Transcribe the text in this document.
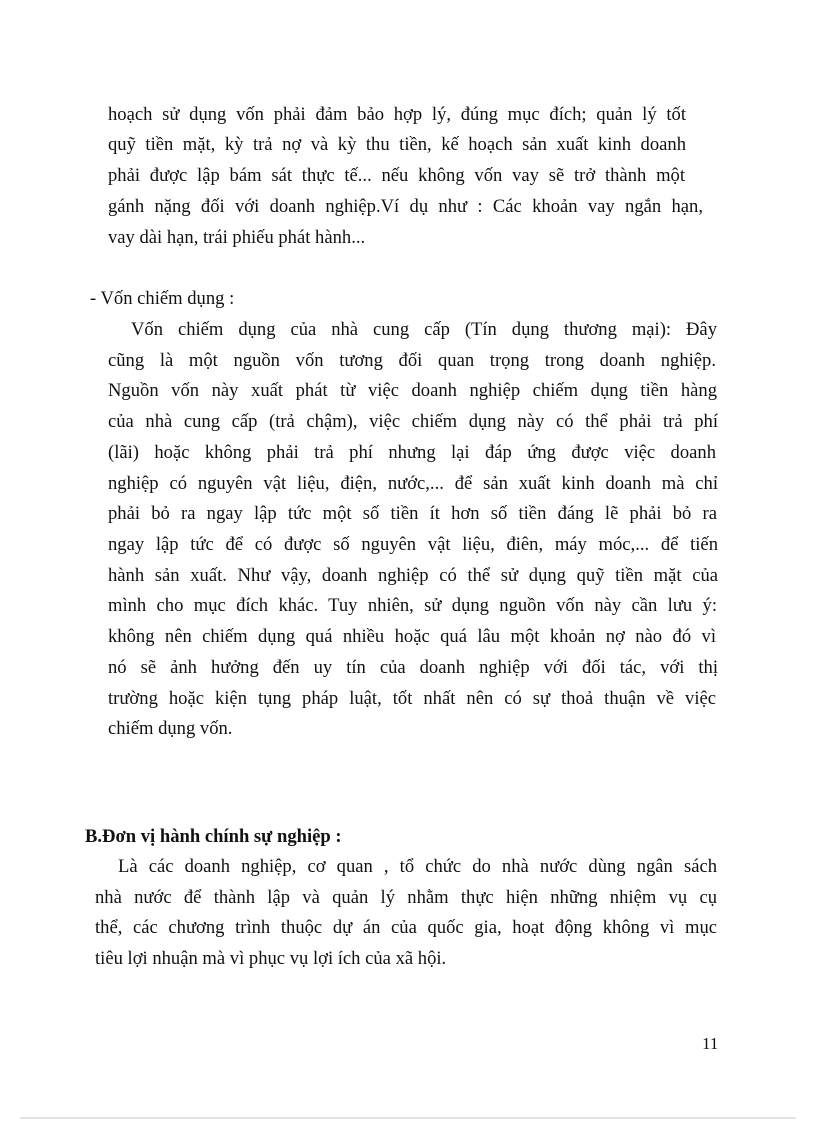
hoạch sử dụng vốn phải đảm bảo hợp lý, đúng mục đích; quản lý tốt
quỹ tiền mặt, kỳ trả nợ và kỳ thu tiền, kế hoạch sản xuất kinh doanh
phải được lập bám sát thực tế... nếu không vốn vay sẽ trở thành một
gánh nặng đối với doanh nghiệp.Ví dụ như : Các khoản vay ngắn hạn,
vay dài hạn, trái phiếu phát hành...
- Vốn chiếm dụng :
Vốn chiếm dụng của nhà cung cấp (Tín dụng thương mại): Đây
cũng là một nguồn vốn tương đối quan trọng trong doanh nghiệp.
Nguồn vốn này xuất phát từ việc doanh nghiệp chiếm dụng tiền hàng
của nhà cung cấp (trả chậm), việc chiếm dụng này có thể phải trả phí
(lãi) hoặc không phải trả phí nhưng lại đáp ứng được việc doanh
nghiệp có nguyên vật liệu, điện, nước,... để sản xuất kinh doanh mà chỉ
phải bỏ ra ngay lập tức một số tiền ít hơn số tiền đáng lẽ phải bỏ ra
ngay lập tức để có được số nguyên vật liệu, điên, máy móc,... để tiến
hành sản xuất. Như vậy, doanh nghiệp có thể sử dụng quỹ tiền mặt của
mình cho mục đích khác. Tuy nhiên, sử dụng nguồn vốn này cần lưu ý:
không nên chiếm dụng quá nhiều hoặc quá lâu một khoản nợ nào đó vì
nó sẽ ảnh hưởng đến uy tín của doanh nghiệp với đối tác, với thị
trường hoặc kiện tụng pháp luật, tốt nhất nên có sự thoả thuận về việc
chiếm dụng vốn.
B.Đơn vị hành chính sự nghiệp :
Là các doanh nghiệp, cơ quan , tổ chức do nhà nước dùng ngân sách
nhà nước để thành lập và quản lý nhằm thực hiện những nhiệm vụ cụ
thể, các chương trình thuộc dự án của quốc gia, hoạt động không vì mục
tiêu lợi nhuận mà vì phục vụ lợi ích của xã hội.
11
